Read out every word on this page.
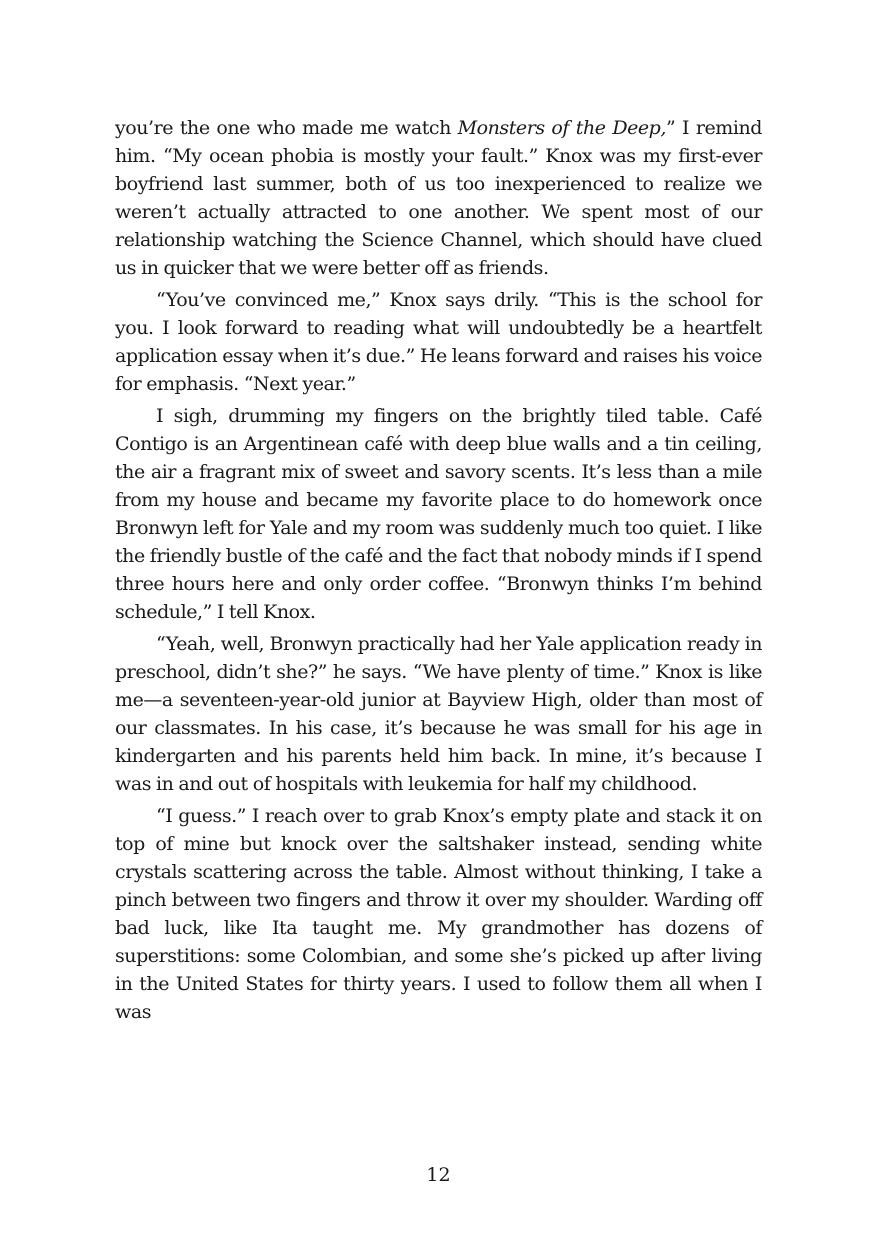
you’re the one who made me watch Monsters of the Deep,” I remind him. “My ocean phobia is mostly your fault.” Knox was my first-ever boyfriend last summer, both of us too inexperienced to realize we weren’t actually attracted to one another. We spent most of our relationship watching the Science Channel, which should have clued us in quicker that we were better off as friends.

“You’ve convinced me,” Knox says drily. “This is the school for you. I look forward to reading what will undoubtedly be a heartfelt application essay when it’s due.” He leans forward and raises his voice for emphasis. “Next year.”

I sigh, drumming my fingers on the brightly tiled table. Café Contigo is an Argentinean café with deep blue walls and a tin ceiling, the air a fragrant mix of sweet and savory scents. It’s less than a mile from my house and became my favorite place to do homework once Bronwyn left for Yale and my room was suddenly much too quiet. I like the friendly bustle of the café and the fact that nobody minds if I spend three hours here and only order coffee. “Bronwyn thinks I’m behind schedule,” I tell Knox.

“Yeah, well, Bronwyn practically had her Yale application ready in preschool, didn’t she?” he says. “We have plenty of time.” Knox is like me—a seventeen-year-old junior at Bayview High, older than most of our classmates. In his case, it’s because he was small for his age in kindergarten and his parents held him back. In mine, it’s because I was in and out of hospitals with leukemia for half my childhood.

“I guess.” I reach over to grab Knox’s empty plate and stack it on top of mine but knock over the saltshaker instead, sending white crystals scattering across the table. Almost without thinking, I take a pinch between two fingers and throw it over my shoulder. Warding off bad luck, like Ita taught me. My grandmother has dozens of superstitions: some Colombian, and some she’s picked up after living in the United States for thirty years. I used to follow them all when I was

12
